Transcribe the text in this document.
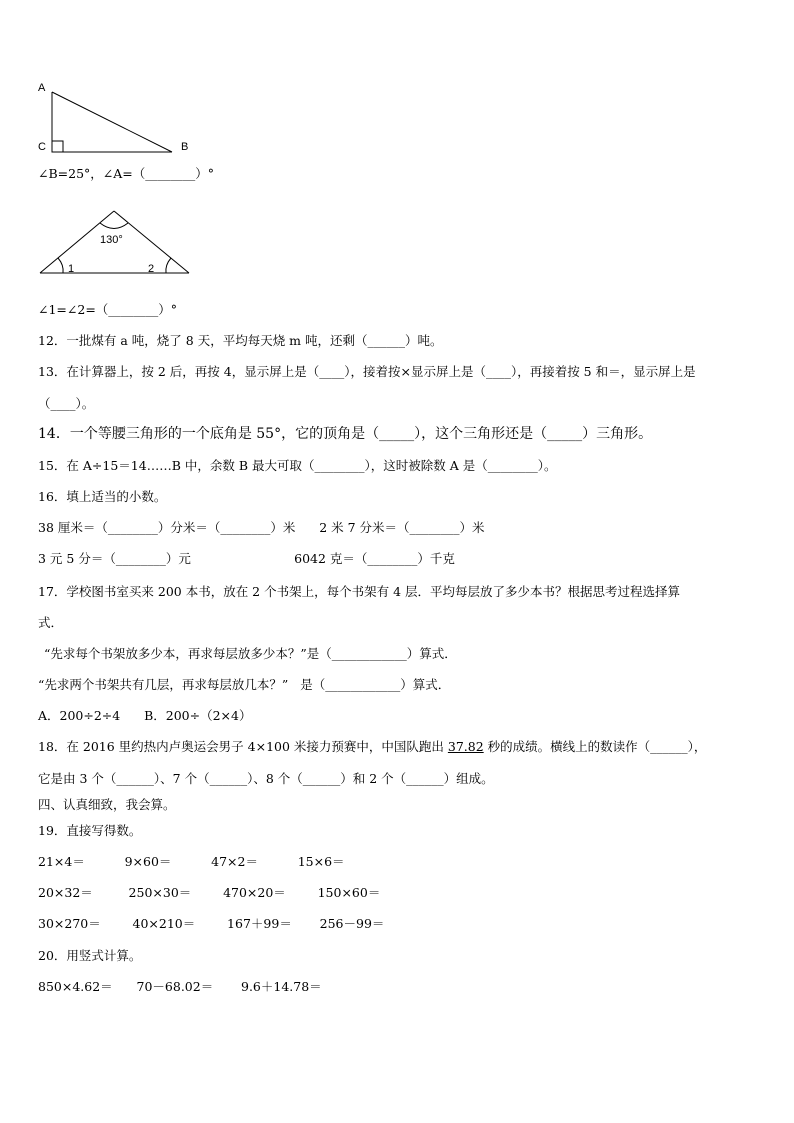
A
C	B
∠B=25°，∠A=（________）°
130°
1	2
∠1=∠2=（________）°
12．一批煤有 a 吨，烧了 8 天，平均每天烧 m 吨，还剩（______）吨。
13．在计算器上，按 2 后，再按 4，显示屏上是（____），接着按×显示屏上是（____），再接着按 5 和＝，显示屏上是
（____）。
14．一个等腰三角形的一个底角是 55°，它的顶角是（_____），这个三角形还是（_____）三角形。
15．在 A÷15＝14……B 中，余数 B 最大可取（________），这时被除数 A 是（________）。
16．填上适当的小数。
38 厘米＝（________）分米＝（________）米      2 米 7 分米＝（________）米
3 元 5 分＝（________）元                          6042 克＝（________）千克
17．学校图书室买来 200 本书，放在 2 个书架上，每个书架有 4 层．平均每层放了多少本书？根据思考过程选择算
式．
“先求每个书架放多少本，再求每层放多少本？”是（____________）算式．
“先求两个书架共有几层，再求每层放几本？”   是（____________）算式．
A．200÷2÷4      B．200÷（2×4）
18．在 2016 里约热内卢奥运会男子 4×100 米接力预赛中，中国队跑出 37.82 秒的成绩。横线上的数读作（______），
它是由 3 个（______）、7 个（______）、8 个（______）和 2 个（______）组成。
四、认真细致，我会算。
19．直接写得数。
21×4＝          9×60＝          47×2＝          15×6＝
20×32＝         250×30＝        470×20＝        150×60＝
30×270＝        40×210＝        167＋99＝       256－99＝
20．用竖式计算。
850×4.62＝      70－68.02＝       9.6＋14.78＝
